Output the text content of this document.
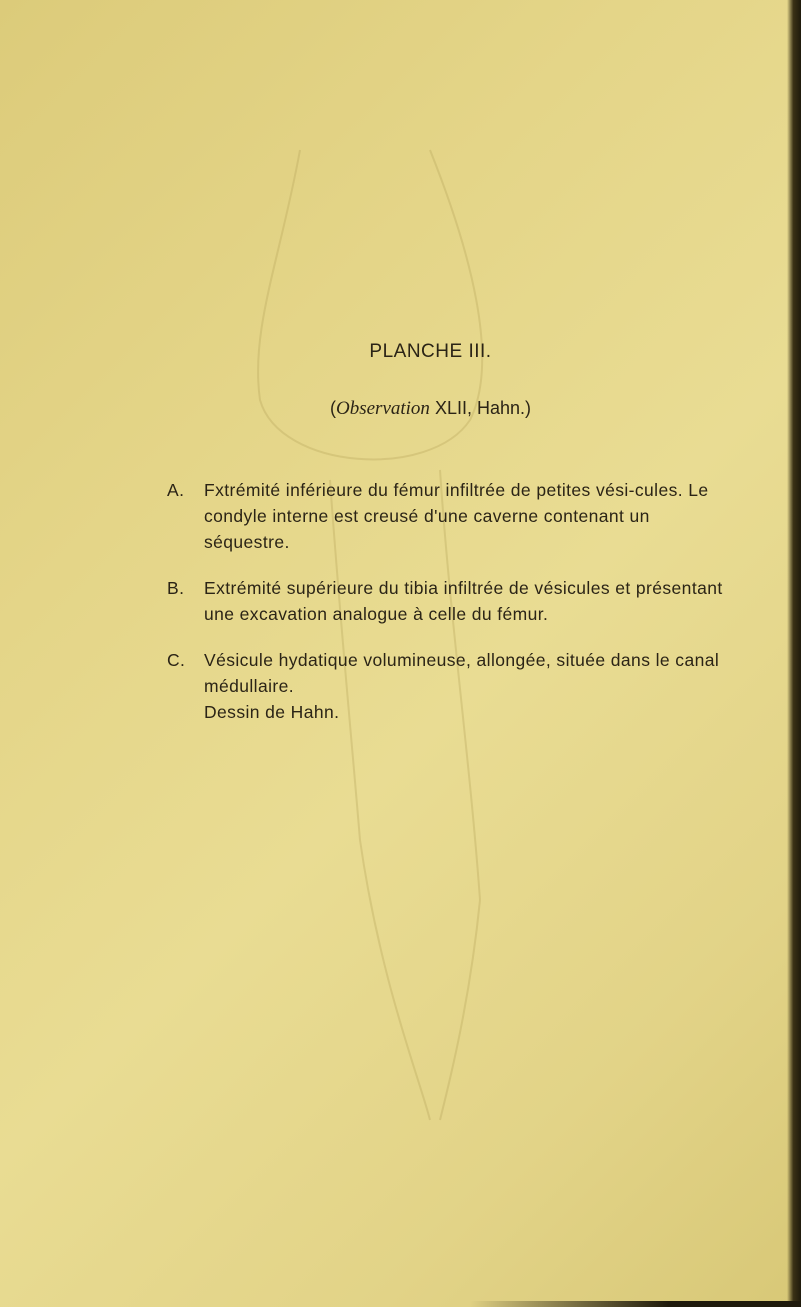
PLANCHE III.
(Observation XLII, Hahn.)
A. Fxtrémité inférieure du fémur infiltrée de petites vési-cules. Le condyle interne est creusé d'une caverne contenant un séquestre.
B. Extrémité supérieure du tibia infiltrée de vésicules et présentant une excavation analogue à celle du fémur.
C. Vésicule hydatique volumineuse, allongée, située dans le canal médullaire.
Dessin de Hahn.
